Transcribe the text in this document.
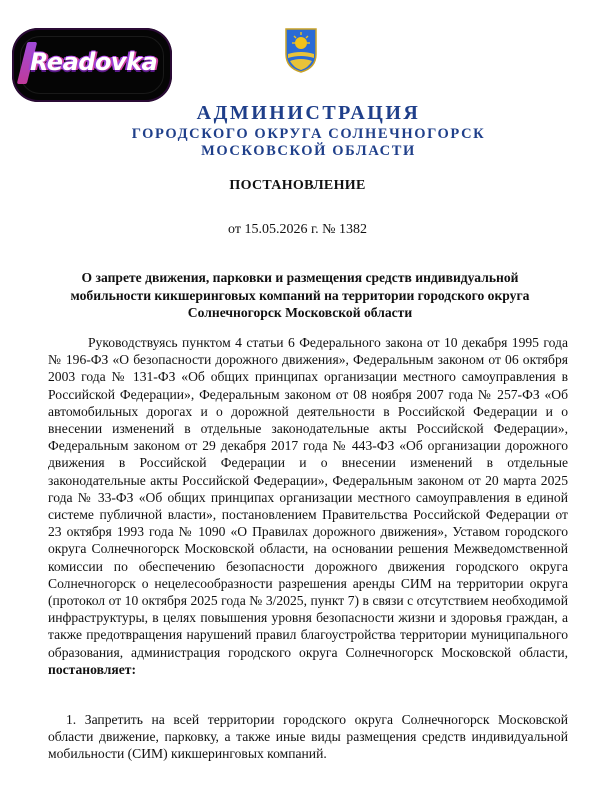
Readovka
АДМИНИСТРАЦИЯ
ГОРОДСКОГО ОКРУГА СОЛНЕЧНОГОРСК
МОСКОВСКОЙ ОБЛАСТИ
ПОСТАНОВЛЕНИЕ
от 15.05.2026 г. № 1382
О запрете движения, парковки и размещения средств индивидуальной мобильности кикшеринговых компаний на территории городского округа Солнечногорск Московской области
Руководствуясь пунктом 4 статьи 6 Федерального закона от 10 декабря 1995 года № 196-ФЗ «О безопасности дорожного движения», Федеральным законом от 06 октября 2003 года № 131-ФЗ «Об общих принципах организации местного самоуправления в Российской Федерации», Федеральным законом от 08 ноября 2007 года № 257-ФЗ «Об автомобильных дорогах и о дорожной деятельности в Российской Федерации и о внесении изменений в отдельные законодательные акты Российской Федерации», Федеральным законом от 29 декабря 2017 года № 443-ФЗ «Об организации дорожного движения в Российской Федерации и о внесении изменений в отдельные законодательные акты Российской Федерации», Федеральным законом от 20 марта 2025 года № 33-ФЗ «Об общих принципах организации местного самоуправления в единой системе публичной власти», постановлением Правительства Российской Федерации от 23 октября 1993 года № 1090 «О Правилах дорожного движения», Уставом городского округа Солнечногорск Московской области, на основании решения Межведомственной комиссии по обеспечению безопасности дорожного движения городского округа Солнечногорск о нецелесообразности разрешения аренды СИМ на территории округа (протокол от 10 октября 2025 года № 3/2025, пункт 7) в связи с отсутствием необходимой инфраструктуры, в целях повышения уровня безопасности жизни и здоровья граждан, а также предотвращения нарушений правил благоустройства территории муниципального образования, администрация городского округа Солнечногорск Московской области, постановляет:
1. Запретить на всей территории городского округа Солнечногорск Московской области движение, парковку, а также иные виды размещения средств индивидуальной мобильности (СИМ) кикшеринговых компаний.
